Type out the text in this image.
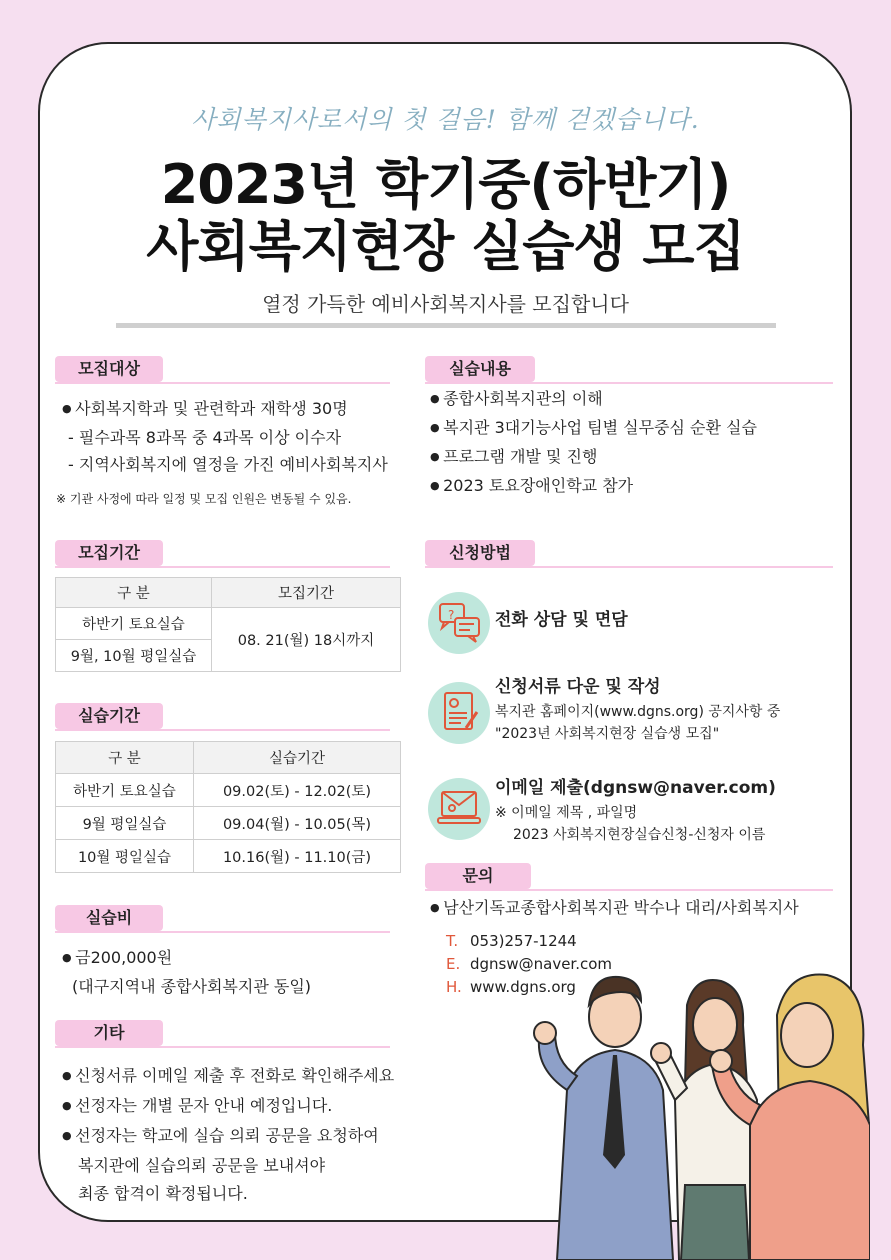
사회복지사로서의 첫 걸음! 함께 걷겠습니다.
2023년 학기중(하반기)
사회복지현장 실습생 모집
열정 가득한 예비사회복지사를 모집합니다
모집대상
● 사회복지학과 및 관련학과 재학생 30명
- 필수과목 8과목 중 4과목 이상 이수자
- 지역사회복지에 열정을 가진 예비사회복지사
※ 기관 사정에 따라 일정 및 모집 인원은 변동될 수 있음.
실습내용
● 종합사회복지관의 이해
● 복지관 3대기능사업 팀별 실무중심 순환 실습
● 프로그램 개발 및 진행
● 2023 토요장애인학교 참가
모집기간
구 분	모집기간
하반기 토요실습	08. 21(월) 18시까지
9월, 10월 평일실습	
실습기간
구 분	실습기간
하반기 토요실습	09.02(토) - 12.02(토)
9월 평일실습	09.04(월) - 10.05(목)
10월 평일실습	10.16(월) - 11.10(금)
실습비
● 금200,000원
(대구지역내 종합사회복지관 동일)
기타
● 신청서류 이메일 제출 후 전화로 확인해주세요
● 선정자는 개별 문자 안내 예정입니다.
● 선정자는 학교에 실습 의뢰 공문을 요청하여
복지관에 실습의뢰 공문을 보내셔야
최종 합격이 확정됩니다.
신청방법
? 전화 상담 및 면담
신청서류 다운 및 작성
복지관 홈페이지(www.dgns.org) 공지사항 중
"2023년 사회복지현장 실습생 모집"
이메일 제출(dgnsw@naver.com)
※ 이메일 제목 , 파일명
2023 사회복지현장실습신청-신청자 이름
문의
● 남산기독교종합사회복지관 박수나 대리/사회복지사
T. 053)257-1244
E. dgnsw@naver.com
H. www.dgns.org
